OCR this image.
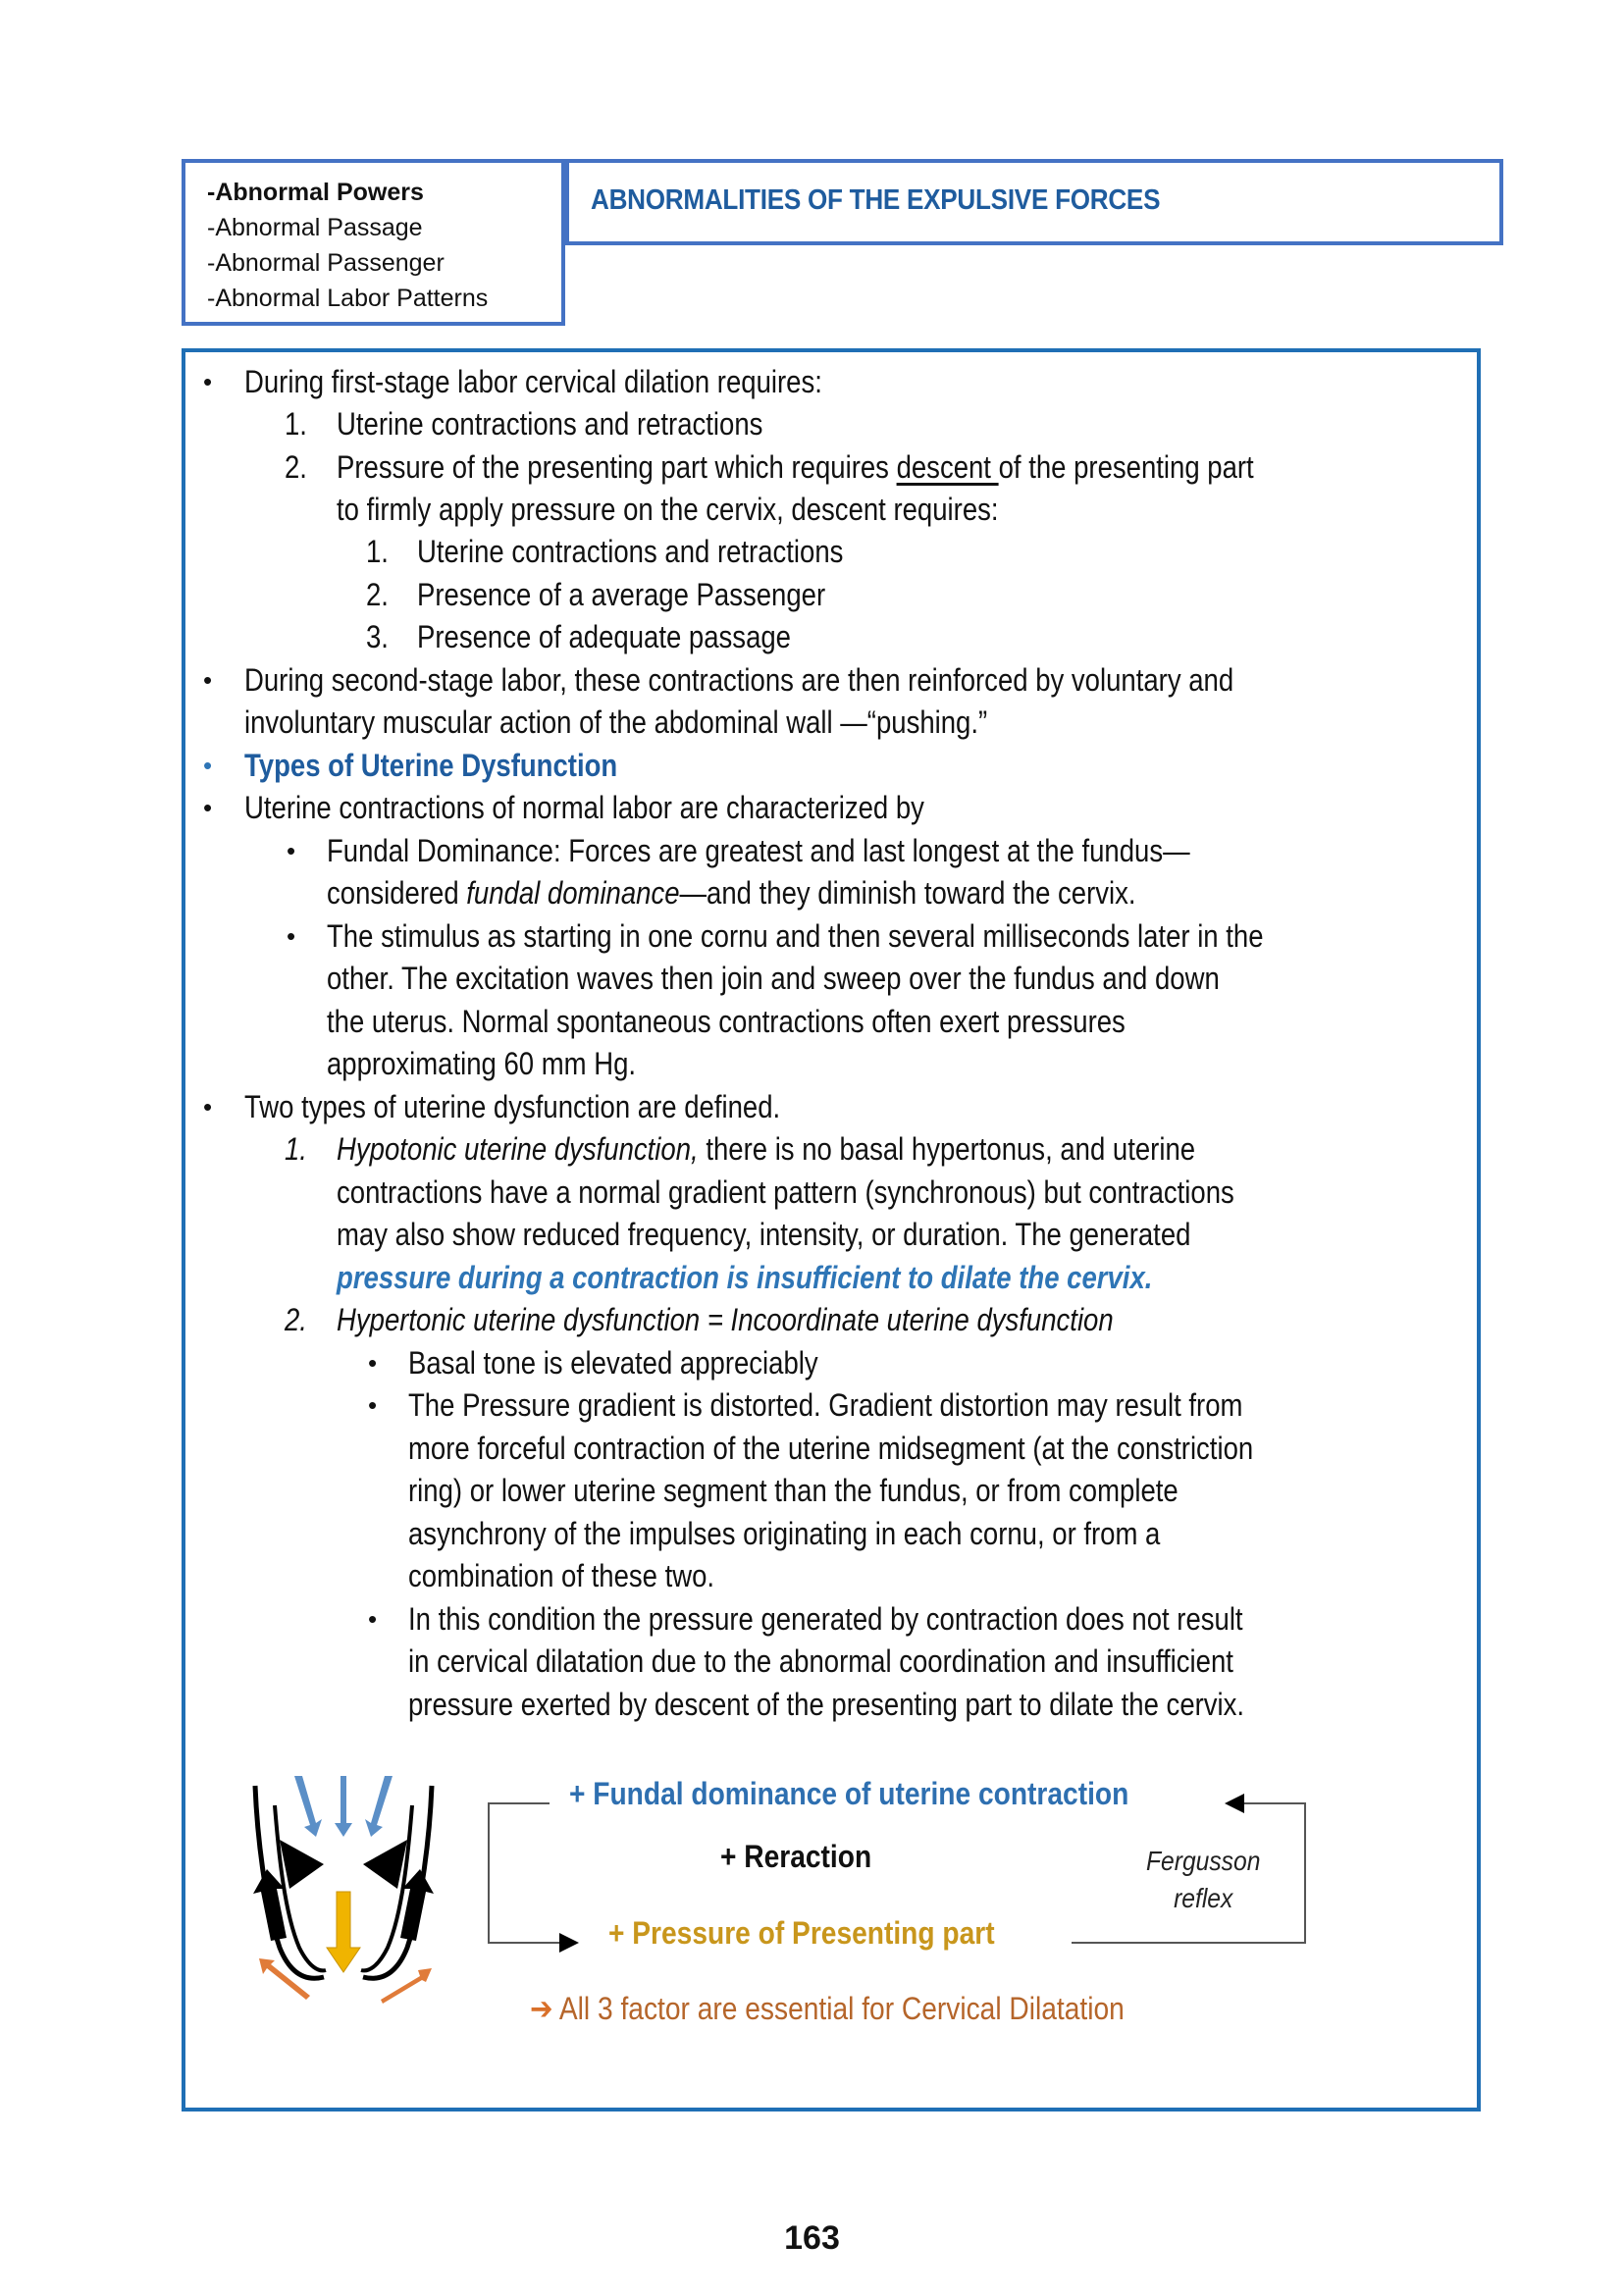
-Abnormal Powers
-Abnormal Passage
-Abnormal Passenger
-Abnormal Labor Patterns
ABNORMALITIES OF THE EXPULSIVE FORCES
• During first-stage labor cervical dilation requires:
1. Uterine contractions and retractions
2. Pressure of the presenting part which requires descent of the presenting part
to firmly apply pressure on the cervix, descent requires:
1. Uterine contractions and retractions
2. Presence of a average Passenger
3. Presence of adequate passage
• During second-stage labor, these contractions are then reinforced by voluntary and
involuntary muscular action of the abdominal wall —“pushing.”
• Types of Uterine Dysfunction
• Uterine contractions of normal labor are characterized by
• Fundal Dominance: Forces are greatest and last longest at the fundus—
considered fundal dominance—and they diminish toward the cervix.
• The stimulus as starting in one cornu and then several milliseconds later in the
other. The excitation waves then join and sweep over the fundus and down
the uterus. Normal spontaneous contractions often exert pressures
approximating 60 mm Hg.
• Two types of uterine dysfunction are defined.
1. Hypotonic uterine dysfunction, there is no basal hypertonus, and uterine
contractions have a normal gradient pattern (synchronous) but contractions
may also show reduced frequency, intensity, or duration. The generated
pressure during a contraction is insufficient to dilate the cervix.
2. Hypertonic uterine dysfunction = Incoordinate uterine dysfunction
• Basal tone is elevated appreciably
• The Pressure gradient is distorted. Gradient distortion may result from
more forceful contraction of the uterine midsegment (at the constriction
ring) or lower uterine segment than the fundus, or from complete
asynchrony of the impulses originating in each cornu, or from a
combination of these two.
• In this condition the pressure generated by contraction does not result
in cervical dilatation due to the abnormal coordination and insufficient
pressure exerted by descent of the presenting part to dilate the cervix.
+ Fundal dominance of uterine contraction
+ Reraction
+ Pressure of Presenting part
Fergusson
reflex
➔ All 3 factor are essential for Cervical Dilatation
163
